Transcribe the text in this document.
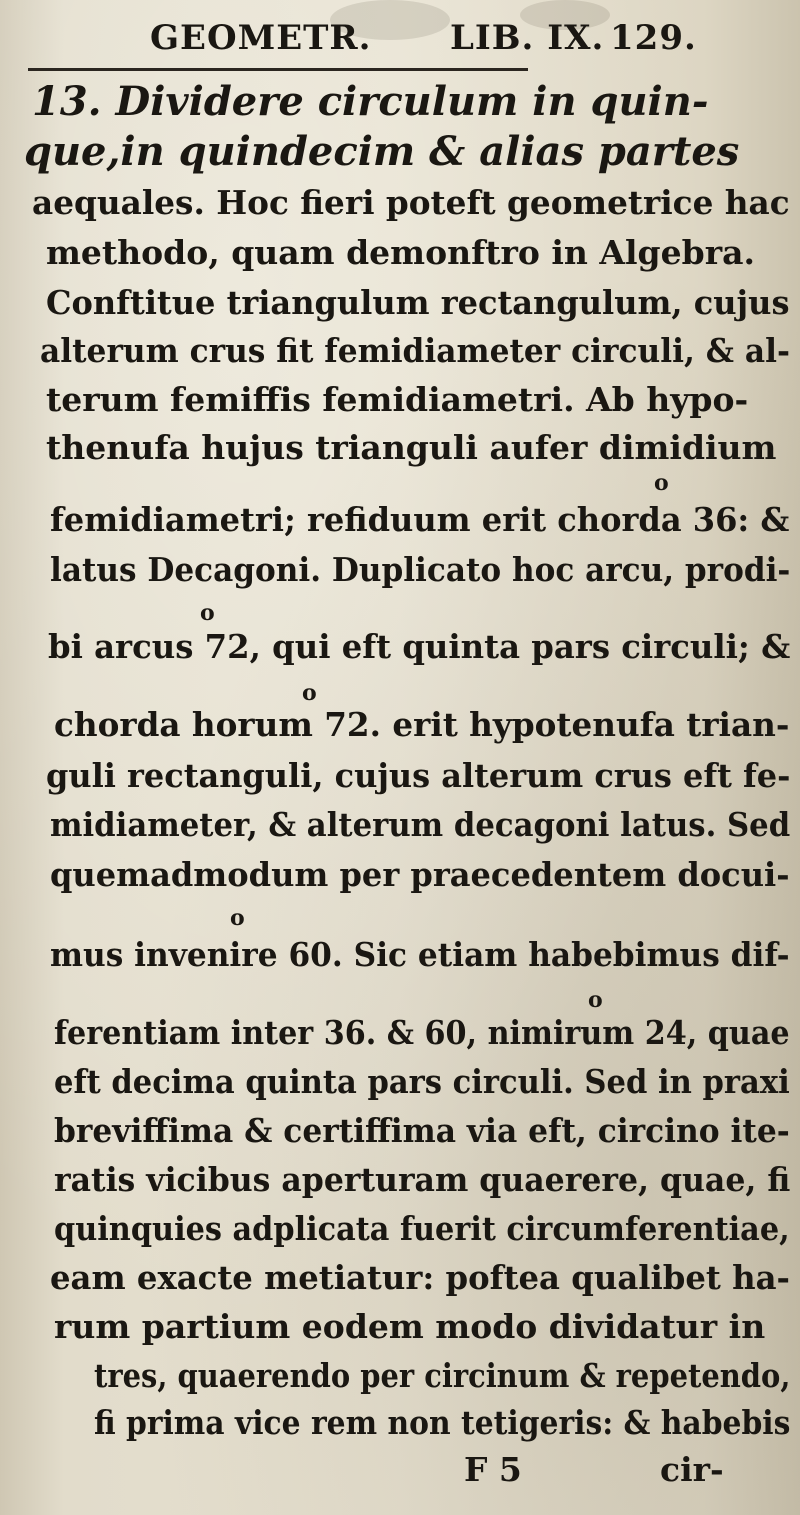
GEOMETR. LIB. IX. 129.
13. Dividere circulum in quin-
que,in quindecim & alias partes
aequales. Hoc fieri poteft geometrice hac
methodo, quam demonftro in Algebra.
Conftitue triangulum rectangulum, cujus
alterum crus fit femidiameter circuli, & al-
terum femiffis femidiametri. Ab hypo-
thenufa hujus trianguli aufer dimidium
o
femidiametri; refiduum erit chorda 36: &
latus Decagoni. Duplicato hoc arcu, prodi-
o
bi arcus 72, qui eft quinta pars circuli; &
o
chorda horum 72. erit hypotenufa trian-
guli rectanguli, cujus alterum crus eft fe-
midiameter, & alterum decagoni latus. Sed
quemadmodum per praecedentem docui-
o
mus invenire 60. Sic etiam habebimus dif-
o
ferentiam inter 36. & 60, nimirum 24, quae
eft decima quinta pars circuli. Sed in praxi
breviffima & certiffima via eft, circino ite-
ratis vicibus aperturam quaerere, quae, fi
quinquies adplicata fuerit circumferentiae,
eam exacte metiatur: poftea qualibet ha-
rum partium eodem modo dividatur in
tres, quaerendo per circinum & repetendo,
fi prima vice rem non tetigeris: & habebis
F 5	cir-
